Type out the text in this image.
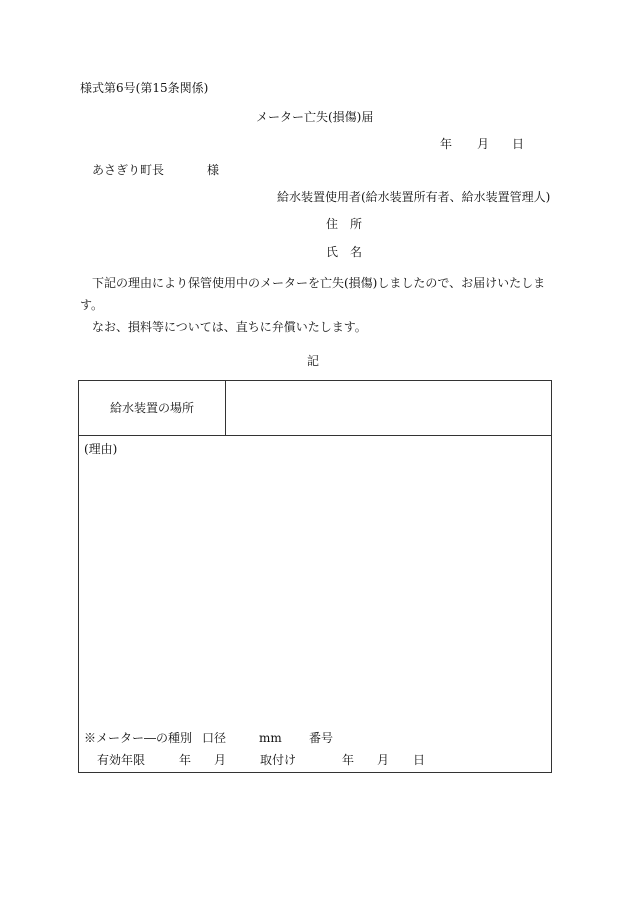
様式第6号(第15条関係)
メーター亡失(損傷)届
年 月 日
あさぎり町長	様
給水装置使用者(給水装置所有者、給水装置管理人)
住　所
氏　名
　下記の理由により保管使用中のメーターを亡失(損傷)しましたので、お届けいたします。
　なお、損料等については、直ちに弁償いたします。
記
給水装置の場所
(理由)
※メーター―の種別 口径	mm 番号
有効年限	年 月	取付け	年 月 日
